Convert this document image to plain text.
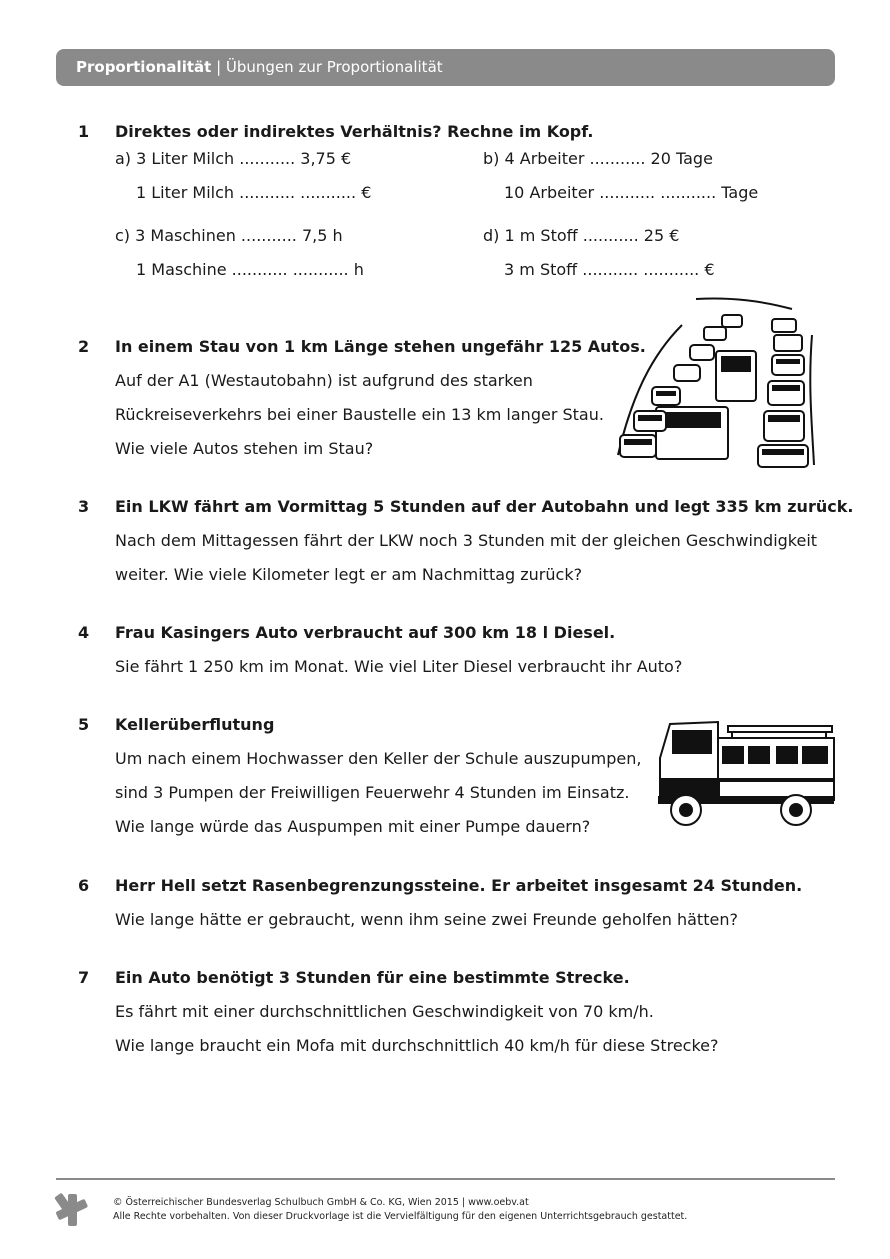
Proportionalität | Übungen zur Proportionalität
1 Direktes oder indirektes Verhältnis? Rechne im Kopf.
a) 3 Liter Milch ........... 3,75 €
1 Liter Milch ........... ........... €
b) 4 Arbeiter ........... 20 Tage
10 Arbeiter ........... ........... Tage
c) 3 Maschinen ........... 7,5 h
1 Maschine ........... ........... h
d) 1 m Stoff ........... 25 €
3 m Stoff ........... ........... €
2 In einem Stau von 1 km Länge stehen ungefähr 125 Autos.
Auf der A1 (Westautobahn) ist aufgrund des starken
Rückreiseverkehrs bei einer Baustelle ein 13 km langer Stau.
Wie viele Autos stehen im Stau?
3 Ein LKW fährt am Vormittag 5 Stunden auf der Autobahn und legt 335 km zurück.
Nach dem Mittagessen fährt der LKW noch 3 Stunden mit der gleichen Geschwindigkeit
weiter. Wie viele Kilometer legt er am Nachmittag zurück?
4 Frau Kasingers Auto verbraucht auf 300 km 18 l Diesel.
Sie fährt 1 250 km im Monat. Wie viel Liter Diesel verbraucht ihr Auto?
5 Kellerüberflutung
Um nach einem Hochwasser den Keller der Schule auszupumpen,
sind 3 Pumpen der Freiwilligen Feuerwehr 4 Stunden im Einsatz.
Wie lange würde das Auspumpen mit einer Pumpe dauern?
6 Herr Hell setzt Rasenbegrenzungssteine. Er arbeitet insgesamt 24 Stunden.
Wie lange hätte er gebraucht, wenn ihm seine zwei Freunde geholfen hätten?
7 Ein Auto benötigt 3 Stunden für eine bestimmte Strecke.
Es fährt mit einer durchschnittlichen Geschwindigkeit von 70 km/h.
Wie lange braucht ein Mofa mit durchschnittlich 40 km/h für diese Strecke?
© Österreichischer Bundesverlag Schulbuch GmbH & Co. KG, Wien 2015 | www.oebv.at
Alle Rechte vorbehalten. Von dieser Druckvorlage ist die Vervielfältigung für den eigenen Unterrichtsgebrauch gestattet.
